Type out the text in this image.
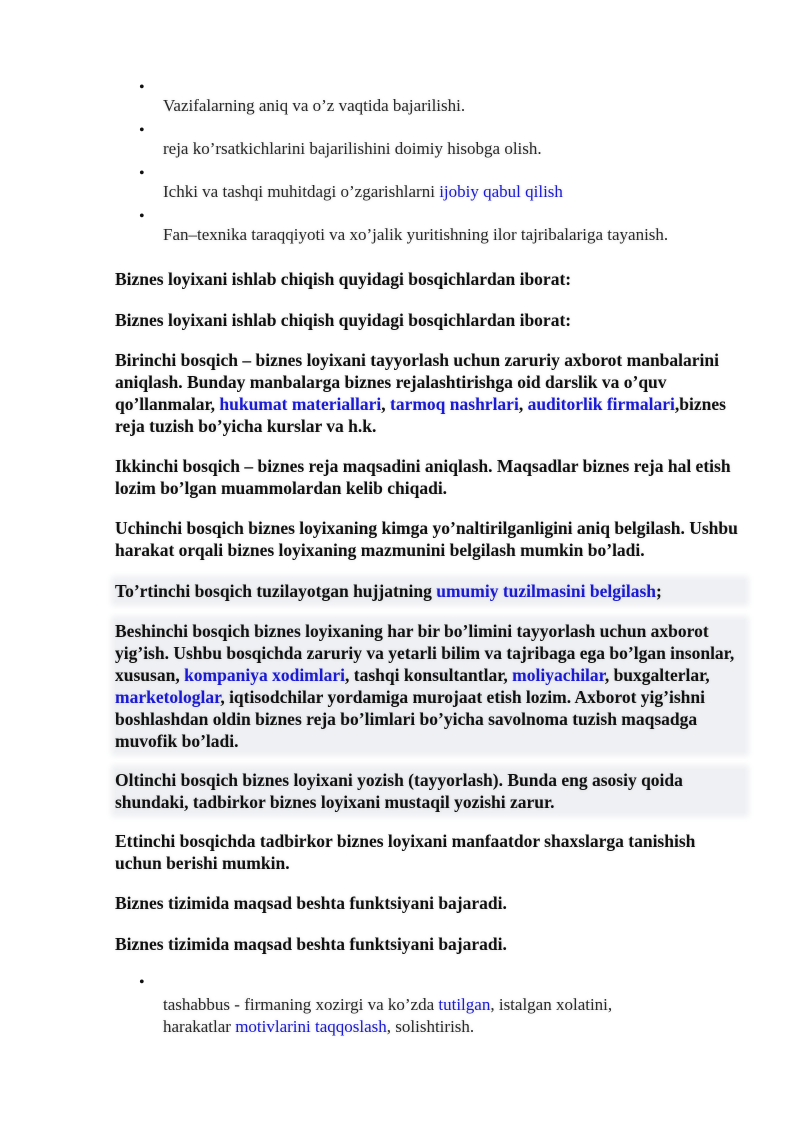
•
Vazifalarning aniq va o’z vaqtida bajarilishi.
•
reja ko’rsatkichlarini bajarilishini doimiy hisobga olish.
•
Ichki va tashqi muhitdagi o’zgarishlarni ijobiy qabul qilish
•
Fan–texnika taraqqiyoti va xo’jalik yuritishning ilor tajribalariga tayanish.

Biznes loyixani ishlab chiqish quyidagi bosqichlardan iborat:

Biznes loyixani ishlab chiqish quyidagi bosqichlardan iborat:

Birinchi bosqich – biznes loyixani tayyorlash uchun zaruriy axborot manbalarini aniqlash. Bunday manbalarga biznes rejalashtirishga oid darslik va o’quv qo’llanmalar, hukumat materiallari, tarmoq nashrlari, auditorlik firmalari,biznes reja tuzish bo’yicha kurslar va h.k.

Ikkinchi bosqich – biznes reja maqsadini aniqlash. Maqsadlar biznes reja hal etish lozim bo’lgan muammolardan kelib chiqadi.

Uchinchi bosqich biznes loyixaning kimga yo’naltirilganligini aniq belgilash. Ushbu harakat orqali biznes loyixaning mazmunini belgilash mumkin bo’ladi.

To’rtinchi bosqich tuzilayotgan hujjatning umumiy tuzilmasini belgilash;

Beshinchi bosqich biznes loyixaning har bir bo’limini tayyorlash uchun axborot yig’ish. Ushbu bosqichda zaruriy va yetarli bilim va tajribaga ega bo’lgan insonlar, xususan, kompaniya xodimlari, tashqi konsultantlar, moliyachilar, buxgalterlar, marketologlar, iqtisodchilar yordamiga murojaat etish lozim. Axborot yig’ishni boshlashdan oldin biznes reja bo’limlari bo’yicha savolnoma tuzish maqsadga muvofik bo’ladi.

Oltinchi bosqich biznes loyixani yozish (tayyorlash). Bunda eng asosiy qoida shundaki, tadbirkor biznes loyixani mustaqil yozishi zarur.

Ettinchi bosqichda tadbirkor biznes loyixani manfaatdor shaxslarga tanishish uchun berishi mumkin.

Biznes tizimida maqsad beshta funktsiyani bajaradi.

Biznes tizimida maqsad beshta funktsiyani bajaradi.

•
tashabbus - firmaning xozirgi va ko’zda tutilgan, istalgan xolatini, harakatlar motivlarini taqqoslash, solishtirish.
